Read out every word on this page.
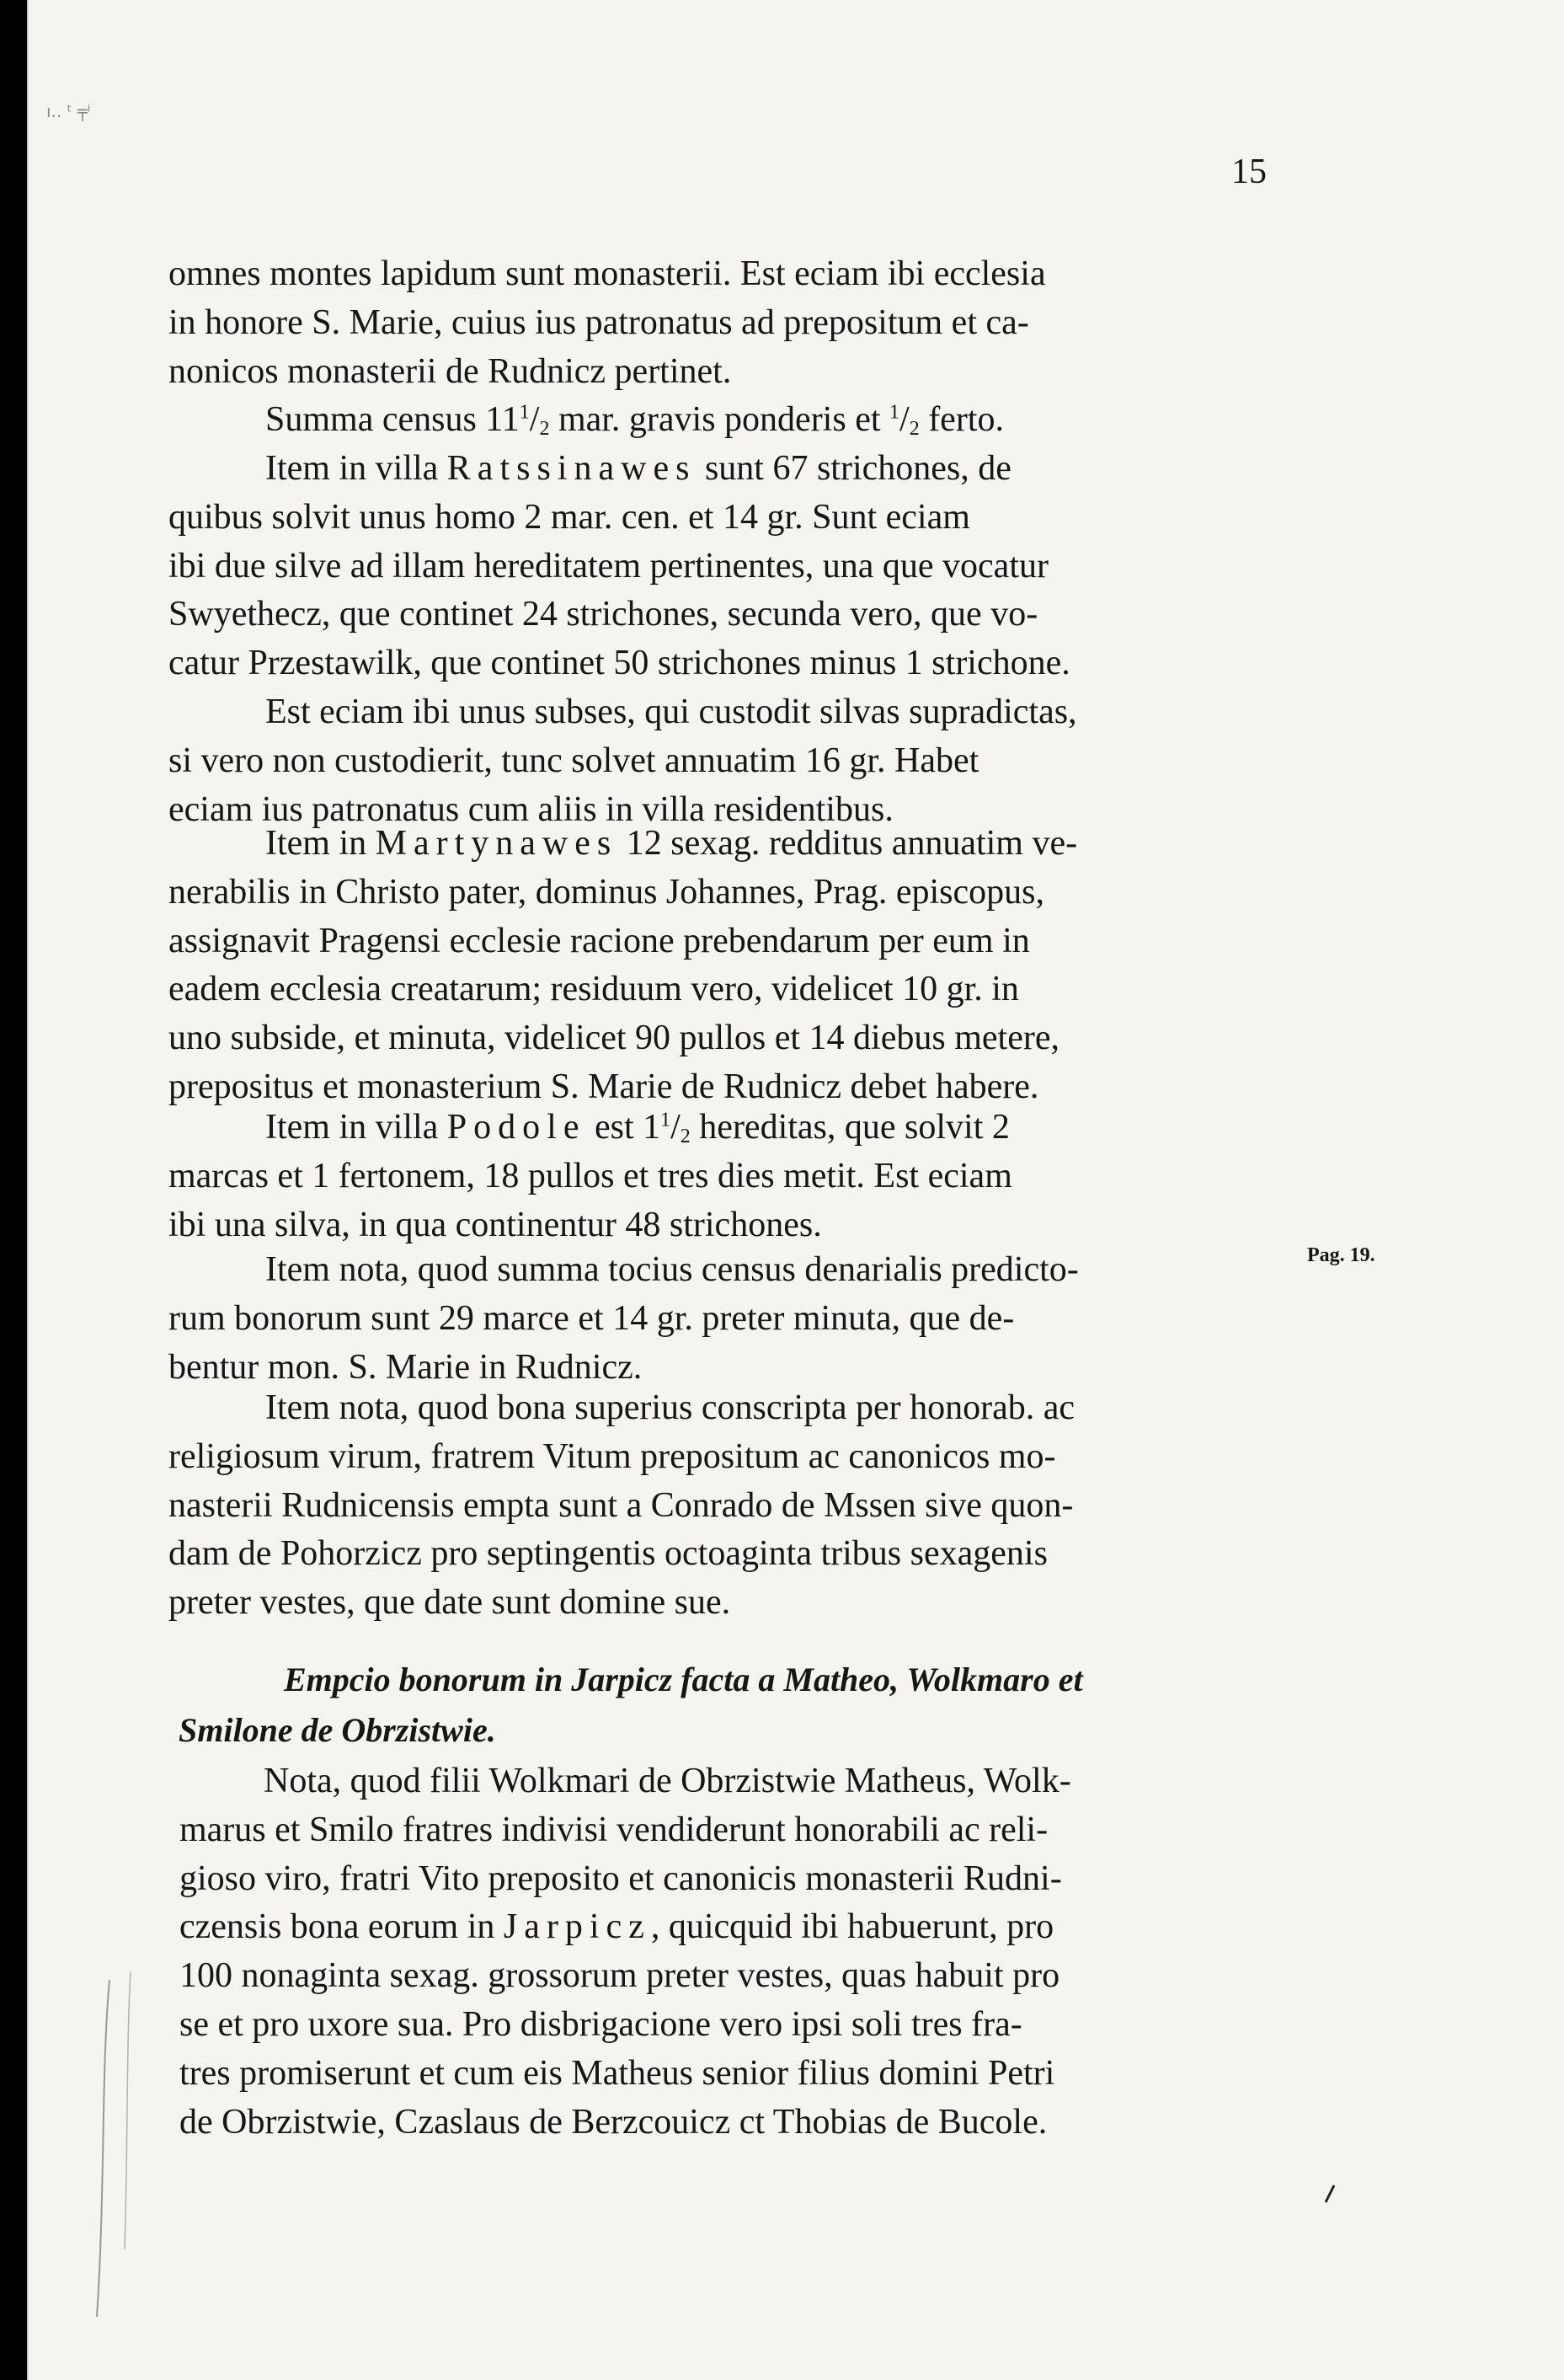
ı.. ᵗ ╤ⁱ
15
omnes montes lapidum sunt monasterii. Est eciam ibi ecclesia
in honore S. Marie, cuius ius patronatus ad prepositum et ca-
nonicos monasterii de Rudnicz pertinet.
Summa census $11^1/_2$ mar. gravis ponderis et $^1/_2$ ferto.
Item in villa Ratssinawes sunt 67 strichones, de
quibus solvit unus homo 2 mar. cen. et 14 gr. Sunt eciam
ibi due silve ad illam hereditatem pertinentes, una que vocatur
Swyethecz, que continet 24 strichones, secunda vero, que vo-
catur Przestawilk, que continet 50 strichones minus 1 strichone.
Est eciam ibi unus subses, qui custodit silvas supradictas,
si vero non custodierit, tunc solvet annuatim 16 gr. Habet
eciam ius patronatus cum aliis in villa residentibus.
Item in Martynawes 12 sexag. redditus annuatim ve-
nerabilis in Christo pater, dominus Johannes, Prag. episcopus,
assignavit Pragensi ecclesie racione prebendarum per eum in
eadem ecclesia creatarum; residuum vero, videlicet 10 gr. in
uno subside, et minuta, videlicet 90 pullos et 14 diebus metere,
prepositus et monasterium S. Marie de Rudnicz debet habere.
Item in villa Podole est $1^1/_2$ hereditas, que solvit 2
marcas et 1 fertonem, 18 pullos et tres dies metit. Est eciam
ibi una silva, in qua continentur 48 strichones.
Item nota, quod summa tocius census denarialis predicto-
rum bonorum sunt 29 marce et 14 gr. preter minuta, que de-
bentur mon. S. Marie in Rudnicz.
Pag. 19.
Item nota, quod bona superius conscripta per honorab. ac
religiosum virum, fratrem Vitum prepositum ac canonicos mo-
nasterii Rudnicensis empta sunt a Conrado de Mssen sive quon-
dam de Pohorzicz pro septingentis octoaginta tribus sexagenis
preter vestes, que date sunt domine sue.
Empcio bonorum in Jarpicz facta a Matheo, Wolkmaro et
Smilone de Obrzistwie.
Nota, quod filii Wolkmari de Obrzistwie Matheus, Wolk-
marus et Smilo fratres indivisi vendiderunt honorabili ac reli-
gioso viro, fratri Vito preposito et canonicis monasterii Rudni-
czensis bona eorum in Jarpicz, quicquid ibi habuerunt, pro
100 nonaginta sexag. grossorum preter vestes, quas habuit pro
se et pro uxore sua. Pro disbrigacione vero ipsi soli tres fra-
tres promiserunt et cum eis Matheus senior filius domini Petri
de Obrzistwie, Czaslaus de Berzcouicz ct Thobias de Bucole.
